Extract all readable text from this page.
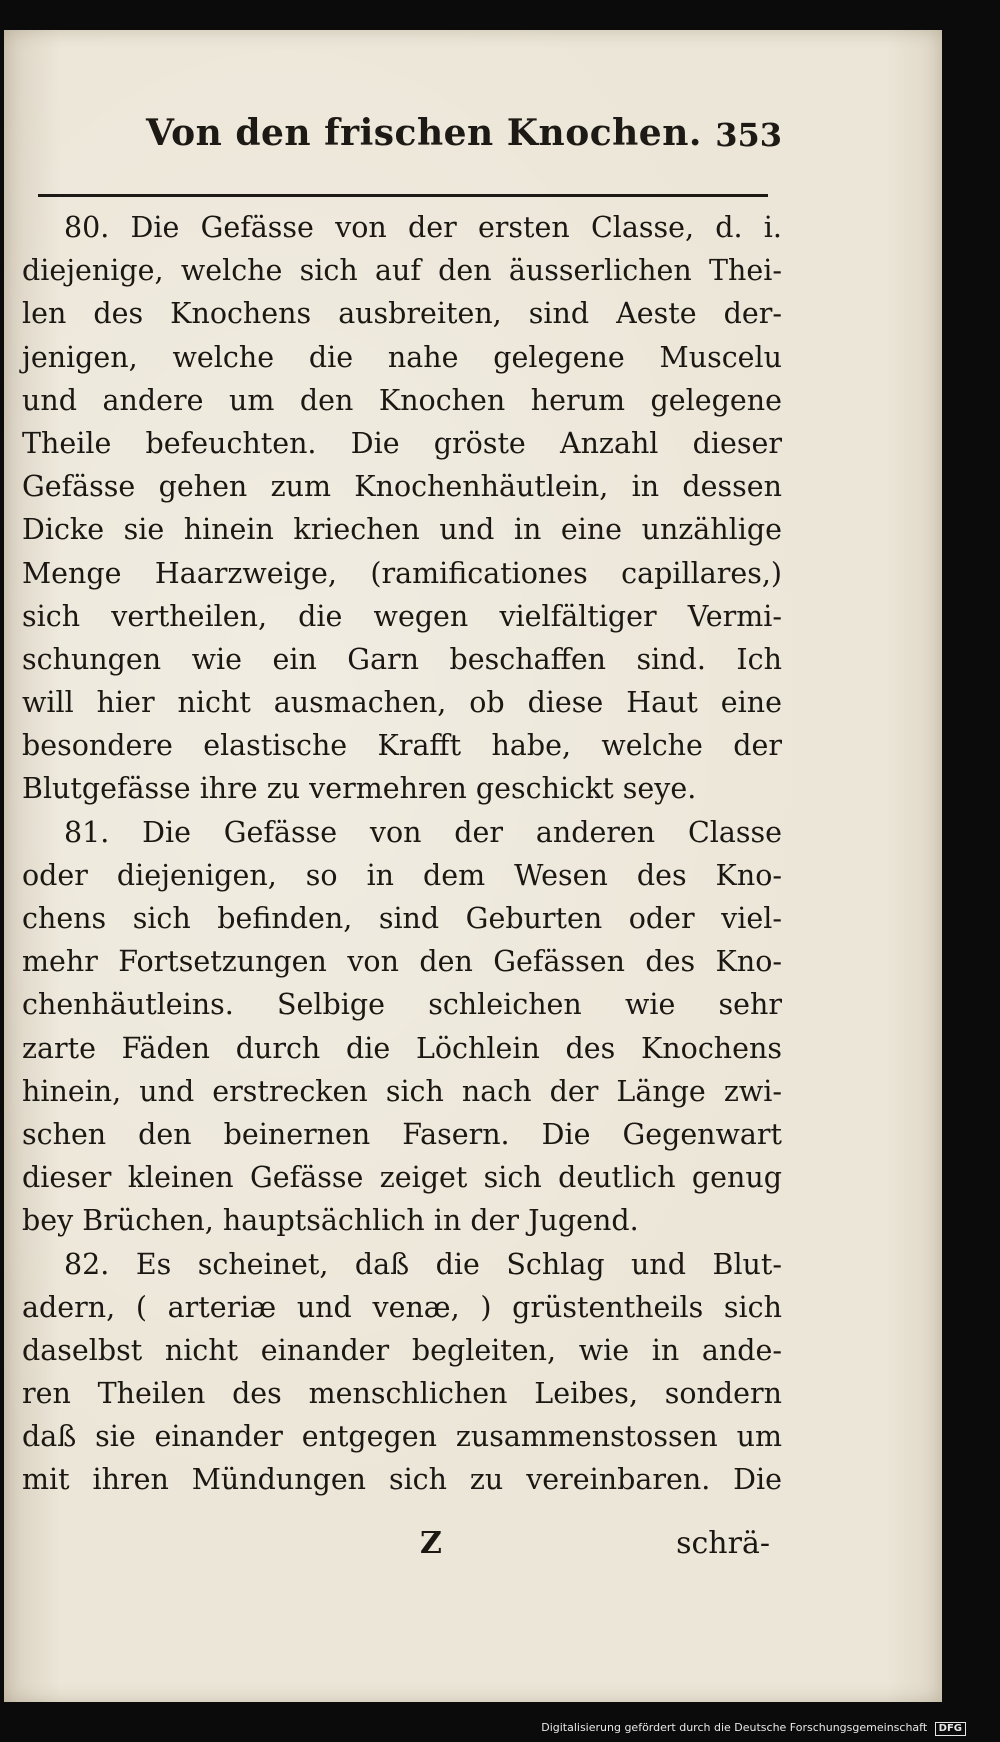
Von den frischen Knochen. 353
80. Die Gefässe von der ersten Classe, d. i.
diejenige, welche sich auf den äusserlichen Thei-
len des Knochens ausbreiten, sind Aeste der-
jenigen, welche die nahe gelegene Muscelu
und andere um den Knochen herum gelegene
Theile befeuchten. Die gröste Anzahl dieser
Gefässe gehen zum Knochenhäutlein, in dessen
Dicke sie hinein kriechen und in eine unzählige
Menge Haarzweige, (ramificationes capillares,)
sich vertheilen, die wegen vielfältiger Vermi-
schungen wie ein Garn beschaffen sind. Ich
will hier nicht ausmachen, ob diese Haut eine
besondere elastische Krafft habe, welche der
Blutgefässe ihre zu vermehren geschickt seye.
81. Die Gefässe von der anderen Classe
oder diejenigen, so in dem Wesen des Kno-
chens sich befinden, sind Geburten oder viel-
mehr Fortsetzungen von den Gefässen des Kno-
chenhäutleins. Selbige schleichen wie sehr
zarte Fäden durch die Löchlein des Knochens
hinein, und erstrecken sich nach der Länge zwi-
schen den beinernen Fasern. Die Gegenwart
dieser kleinen Gefässe zeiget sich deutlich genug
bey Brüchen, hauptsächlich in der Jugend.
82. Es scheinet, daß die Schlag und Blut-
adern, ( arteriæ und venæ, ) grüstentheils sich
daselbst nicht einander begleiten, wie in ande-
ren Theilen des menschlichen Leibes, sondern
daß sie einander entgegen zusammenstossen um
mit ihren Mündungen sich zu vereinbaren. Die
Z	schrä-
Digitalisierung gefördert durch die Deutsche Forschungsgemeinschaft DFG
